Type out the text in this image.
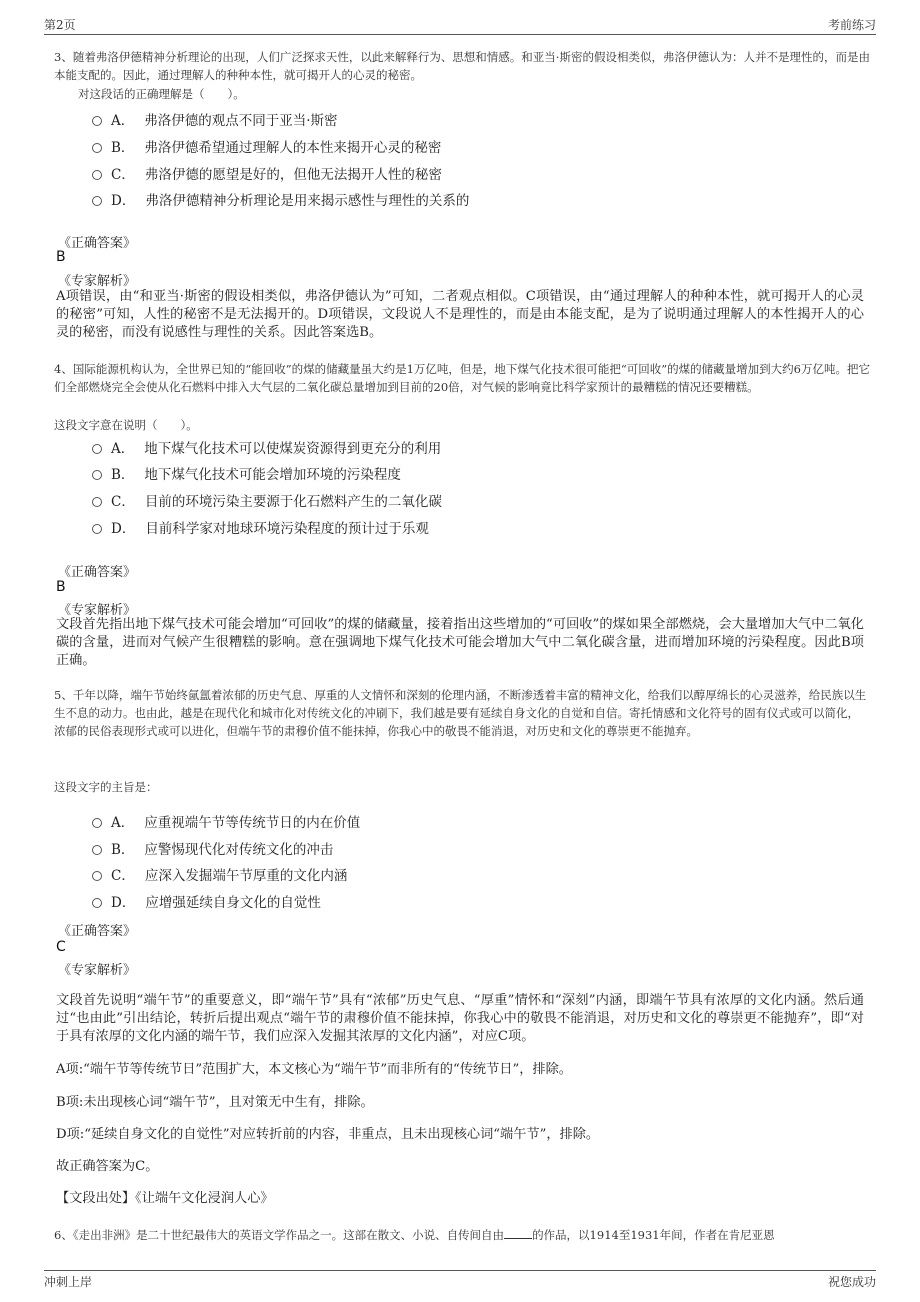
第2页	考前练习
3、随着弗洛伊德精神分析理论的出现，人们广泛探求天性，以此来解释行为、思想和情感。和亚当·斯密的假设相类似，弗洛伊德认为：人并不是理性的，而是由本能支配的。因此，通过理解人的种种本性，就可揭开人的心灵的秘密。
对这段话的正确理解是（　　）。
A． 弗洛伊德的观点不同于亚当·斯密
B． 弗洛伊德希望通过理解人的本性来揭开心灵的秘密
C． 弗洛伊德的愿望是好的，但他无法揭开人性的秘密
D． 弗洛伊德精神分析理论是用来揭示感性与理性的关系的
《正确答案》
B
《专家解析》
A项错误，由“和亚当·斯密的假设相类似，弗洛伊德认为”可知，二者观点相似。C项错误，由“通过理解人的种种本性，就可揭开人的心灵的秘密”可知，人性的秘密不是无法揭开的。D项错误，文段说人不是理性的，而是由本能支配，是为了说明通过理解人的本性揭开人的心灵的秘密，而没有说感性与理性的关系。因此答案选B。
4、国际能源机构认为，全世界已知的“能回收”的煤的储藏量虽大约是1万亿吨，但是，地下煤气化技术很可能把“可回收”的煤的储藏量增加到大约6万亿吨。把它们全部燃烧完全会使从化石燃料中排入大气层的二氧化碳总量增加到目前的20倍，对气候的影响竟比科学家预计的最糟糕的情况还要糟糕。
这段文字意在说明（　　）。
A． 地下煤气化技术可以使煤炭资源得到更充分的利用
B． 地下煤气化技术可能会增加环境的污染程度
C． 目前的环境污染主要源于化石燃料产生的二氧化碳
D． 目前科学家对地球环境污染程度的预计过于乐观
《正确答案》
B
《专家解析》
文段首先指出地下煤气技术可能会增加“可回收”的煤的储藏量，接着指出这些增加的“可回收”的煤如果全部燃烧，会大量增加大气中二氧化碳的含量，进而对气候产生很糟糕的影响。意在强调地下煤气化技术可能会增加大气中二氧化碳含量，进而增加环境的污染程度。因此B项正确。
5、千年以降，端午节始终氤氲着浓郁的历史气息、厚重的人文情怀和深刻的伦理内涵，不断渗透着丰富的精神文化，给我们以醇厚绵长的心灵滋养，给民族以生生不息的动力。也由此，越是在现代化和城市化对传统文化的冲刷下，我们越是要有延续自身文化的自觉和自信。寄托情感和文化符号的固有仪式或可以简化，浓郁的民俗表现形式或可以进化，但端午节的肃穆价值不能抹掉，你我心中的敬畏不能消退，对历史和文化的尊崇更不能抛弃。
这段文字的主旨是：
A． 应重视端午节等传统节日的内在价值
B． 应警惕现代化对传统文化的冲击
C． 应深入发掘端午节厚重的文化内涵
D． 应增强延续自身文化的自觉性
《正确答案》
C
《专家解析》
文段首先说明“端午节”的重要意义，即“端午节”具有“浓郁”历史气息、“厚重”情怀和“深刻”内涵，即端午节具有浓厚的文化内涵。然后通过“也由此”引出结论，转折后提出观点“端午节的肃穆价值不能抹掉，你我心中的敬畏不能消退，对历史和文化的尊崇更不能抛弃”，即“对于具有浓厚的文化内涵的端午节，我们应深入发掘其浓厚的文化内涵”，对应C项。
A项:“端午节等传统节日”范围扩大，本文核心为“端午节”而非所有的“传统节日”，排除。
B项:未出现核心词“端午节”，且对策无中生有，排除。
D项:“延续自身文化的自觉性”对应转折前的内容，非重点，且未出现核心词“端午节”，排除。
故正确答案为C。
【文段出处】《让端午文化浸润人心》
6、《走出非洲》是二十世纪最伟大的英语文学作品之一。这部在散文、小说、自传间自由 的作品，以1914至1931年间，作者在肯尼亚恩
冲刺上岸	祝您成功
